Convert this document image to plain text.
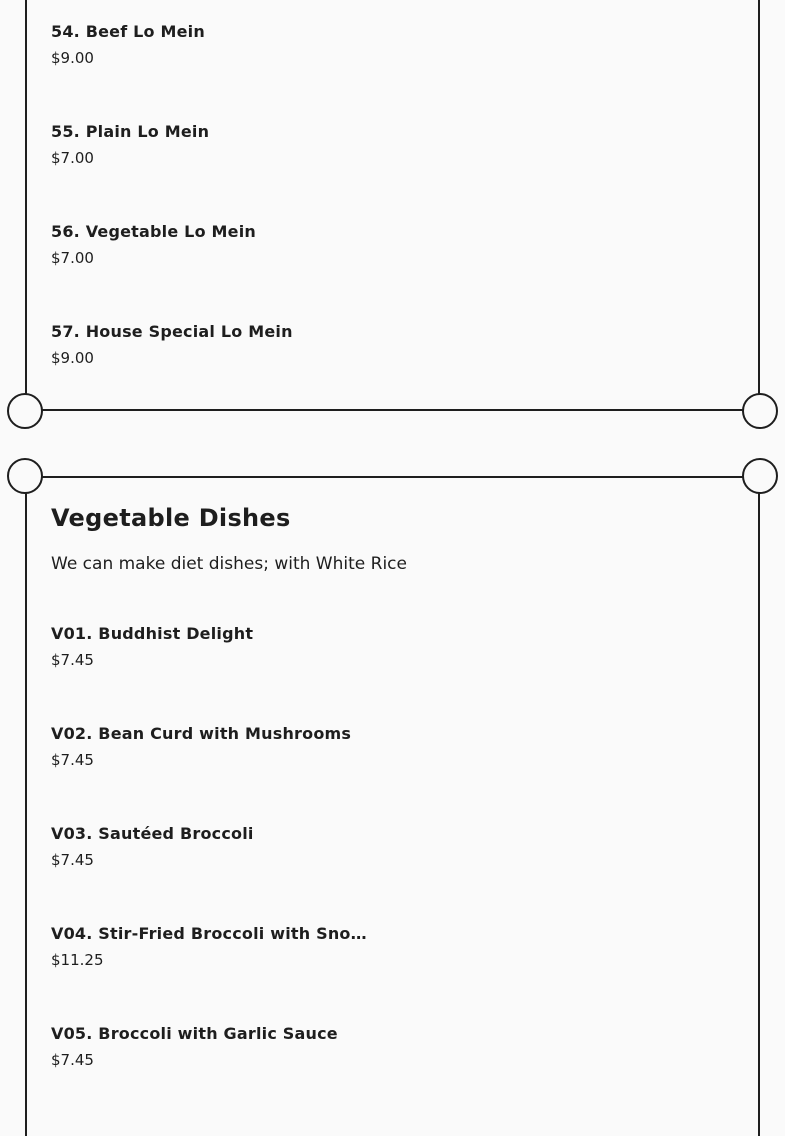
54. Beef Lo Mein
$9.00
55. Plain Lo Mein
$7.00
56. Vegetable Lo Mein
$7.00
57. House Special Lo Mein
$9.00
Vegetable Dishes
We can make diet dishes; with White Rice
V01. Buddhist Delight
$7.45
V02. Bean Curd with Mushrooms
$7.45
V03. Sautéed Broccoli
$7.45
V04. Stir-Fried Broccoli with Sno…
$11.25
V05. Broccoli with Garlic Sauce
$7.45
